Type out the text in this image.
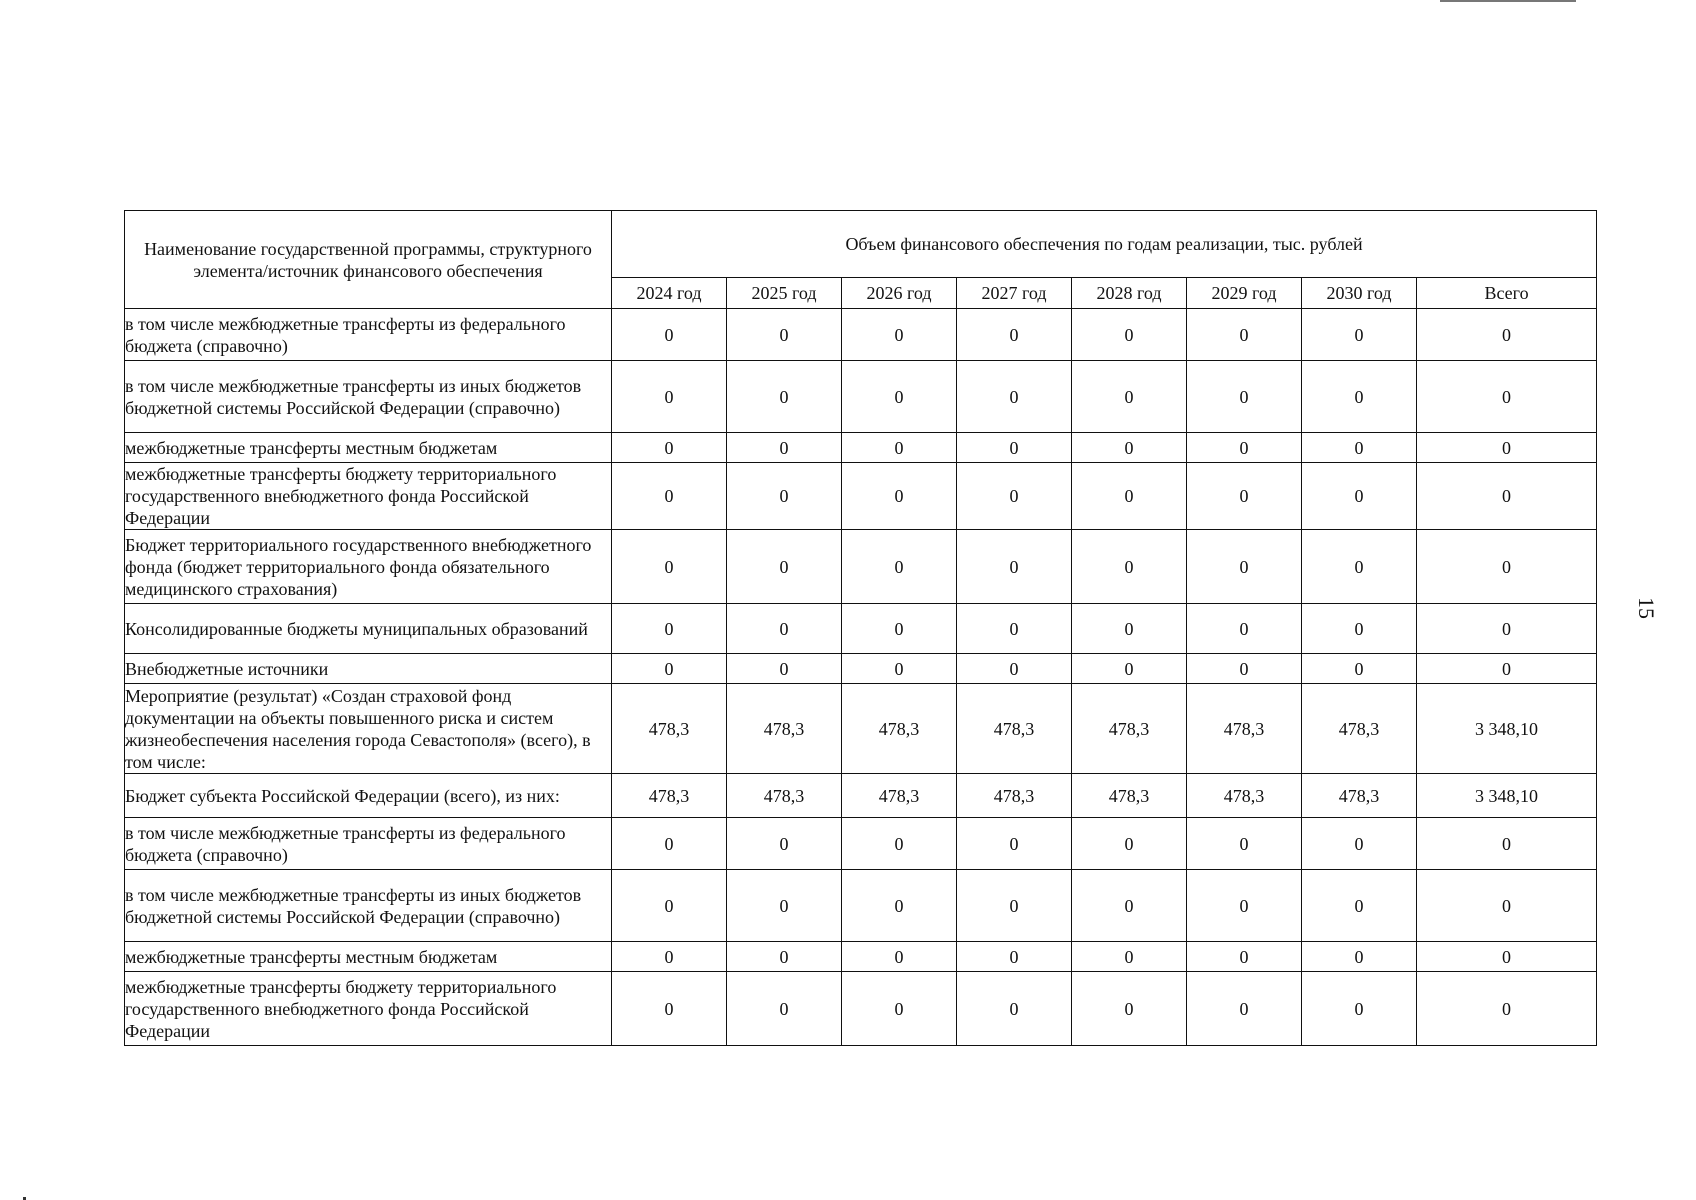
15
Наименование государственной программы, структурного элемента/источник финансового обеспечения	Объем финансового обеспечения по годам реализации, тыс. рублей							
	2024 год	2025 год	2026 год	2027 год	2028 год	2029 год	2030 год	Всего
в том числе межбюджетные трансферты из федерального бюджета (справочно)	0	0	0	0	0	0	0	0
в том числе межбюджетные трансферты из иных бюджетов бюджетной системы Российской Федерации (справочно)	0	0	0	0	0	0	0	0
межбюджетные трансферты местным бюджетам	0	0	0	0	0	0	0	0
межбюджетные трансферты бюджету территориального государственного внебюджетного фонда Российской Федерации	0	0	0	0	0	0	0	0
Бюджет территориального государственного внебюджетного фонда (бюджет территориального фонда обязательного медицинского страхования)	0	0	0	0	0	0	0	0
Консолидированные бюджеты муниципальных образований	0	0	0	0	0	0	0	0
Внебюджетные источники	0	0	0	0	0	0	0	0
Мероприятие (результат) «Создан страховой фонд документации на объекты повышенного риска и систем жизнеобеспечения населения города Севастополя» (всего), в том числе:	478,3	478,3	478,3	478,3	478,3	478,3	478,3	3 348,10
Бюджет субъекта Российской Федерации (всего), из них:	478,3	478,3	478,3	478,3	478,3	478,3	478,3	3 348,10
в том числе межбюджетные трансферты из федерального бюджета (справочно)	0	0	0	0	0	0	0	0
в том числе межбюджетные трансферты из иных бюджетов бюджетной системы Российской Федерации (справочно)	0	0	0	0	0	0	0	0
межбюджетные трансферты местным бюджетам	0	0	0	0	0	0	0	0
межбюджетные трансферты бюджету территориального государственного внебюджетного фонда Российской Федерации	0	0	0	0	0	0	0	0
